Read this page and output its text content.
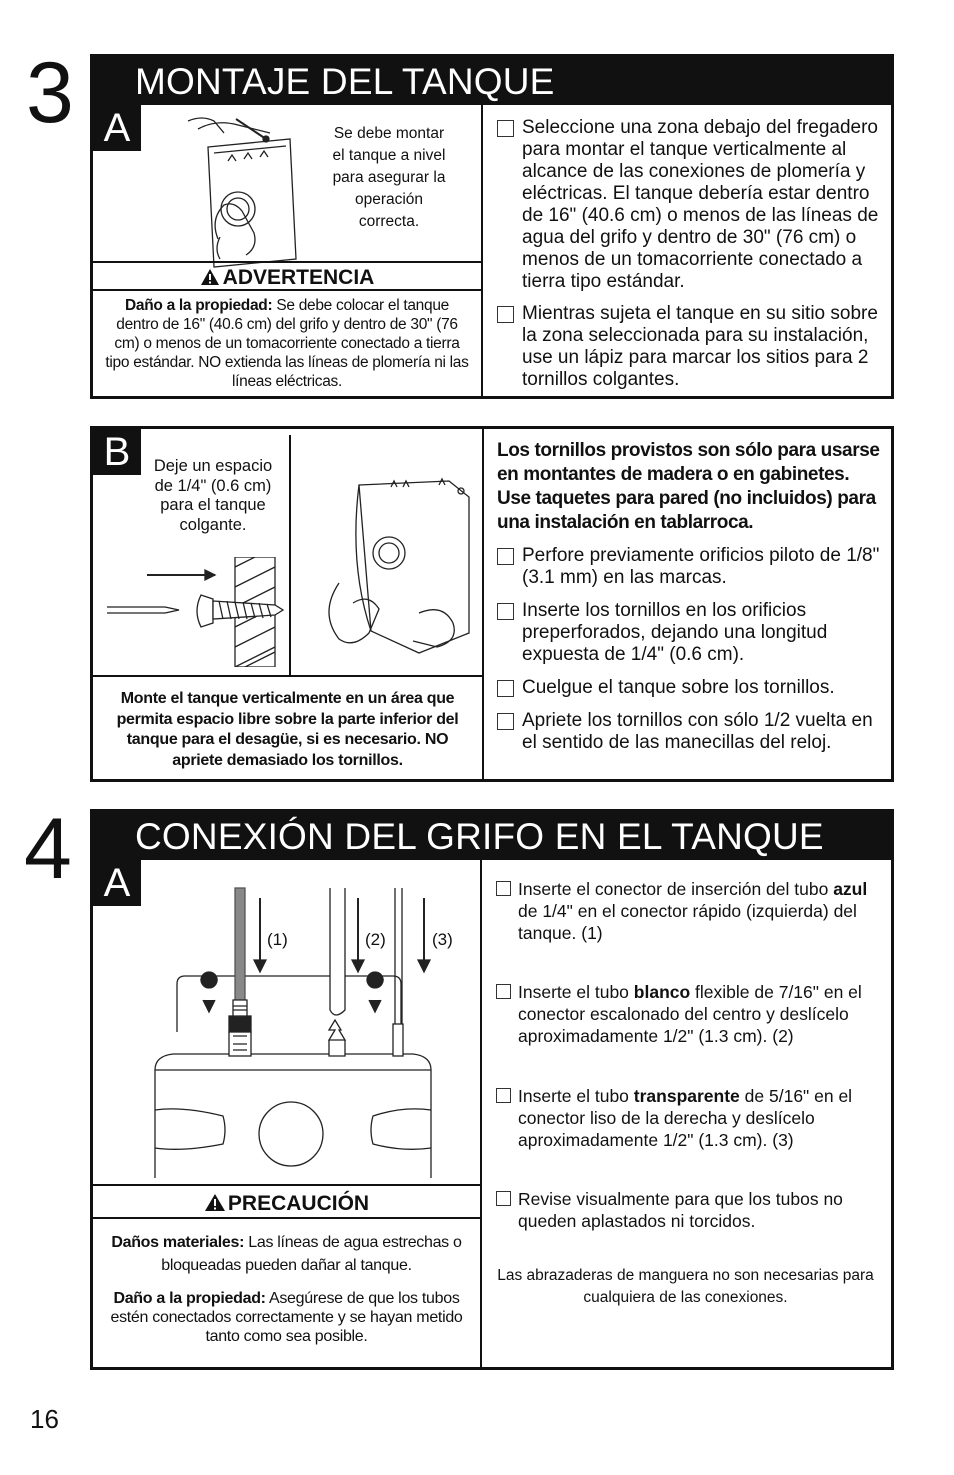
3	MONTAJE DEL TANQUE
A	Se debe montar el tanque a nivel para asegurar la operación correcta.
ADVERTENCIA
Daño a la propiedad: Se debe colocar el tanque dentro de 16" (40.6 cm) del grifo y dentro de 30" (76 cm) o menos de un tomacorriente conectado a tierra tipo estándar. NO extienda las líneas de plomería ni las líneas eléctricas.
Seleccione una zona debajo del fregadero para montar el tanque verticalmente al alcance de las conexiones de plomería y eléctricas. El tanque debería estar dentro de 16" (40.6 cm) o menos de las líneas de agua del grifo y dentro de 30" (76 cm) o menos de un tomacorriente conectado a tierra tipo estándar.
Mientras sujeta el tanque en su sitio sobre la zona seleccionada para su instalación, use un lápiz para marcar los sitios para 2 tornillos colgantes.
B	Deje un espacio de 1/4" (0.6 cm) para el tanque colgante.
Monte el tanque verticalmente en un área que permita espacio libre sobre la parte inferior del tanque para el desagüe, si es necesario. NO apriete demasiado los tornillos.
Los tornillos provistos son sólo para usarse en montantes de madera o en gabinetes. Use taquetes para pared (no incluidos) para una instalación en tablarroca.
Perfore previamente orificios piloto de 1/8" (3.1 mm) en las marcas.
Inserte los tornillos en los orificios preperforados, dejando una longitud expuesta de 1/4" (0.6 cm).
Cuelgue el tanque sobre los tornillos.
Apriete los tornillos con sólo 1/2 vuelta en el sentido de las manecillas del reloj.
4	CONEXIÓN DEL GRIFO EN EL TANQUE
A
(1)	(2)	(3)
PRECAUCIÓN
Daños materiales: Las líneas de agua estrechas o bloqueadas pueden dañar al tanque.
Daño a la propiedad: Asegúrese de que los tubos estén conectados correctamente y se hayan metido tanto como sea posible.
Inserte el conector de inserción del tubo azul de 1/4" en el conector rápido (izquierda) del tanque. (1)
Inserte el tubo blanco flexible de 7/16" en el conector escalonado del centro y deslícelo aproximadamente 1/2" (1.3 cm). (2)
Inserte el tubo transparente de 5/16" en el conector liso de la derecha y deslícelo aproximadamente 1/2" (1.3 cm). (3)
Revise visualmente para que los tubos no queden aplastados ni torcidos.
Las abrazaderas de manguera no son necesarias para cualquiera de las conexiones.
16
